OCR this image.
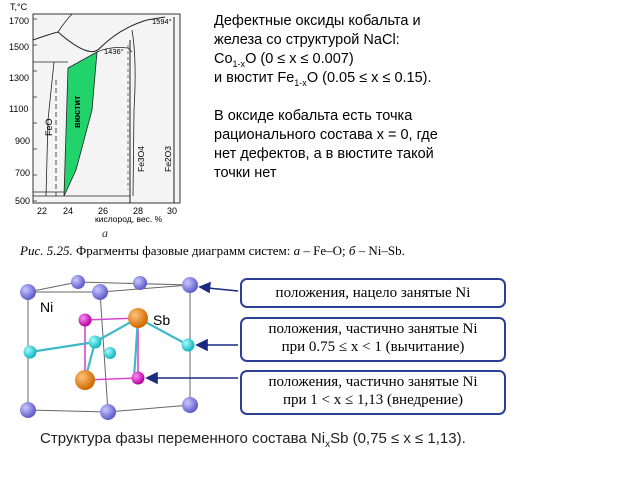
T,°C
1700
1500
1300
1100
900
700
500
22 24	26	28	30
кислород, вес. %
1594°
1436°
вюстит
FeO
Fe3O4 Fe2O3
а
Дефектные оксиды кобальта и
железа со структурой NaCl:
$Co_{1-x}O$ (0 ≤ x ≤ 0.007)
и вюстит $Fe_{1-x}O$ (0.05 ≤ x ≤ 0.15).
В оксиде кобальта есть точка
рационального состава x = 0, где
нет дефектов, а в вюстите такой
точки нет
Рис. 5.25. Фрагменты фазовые диаграмм систем: а – Fe–O; б – Ni–Sb.
Ni
Sb
положения, нацело занятые Ni
положения, частично занятые Ni
при 0.75 ≤ x < 1 (вычитание)
положения, частично занятые Ni
при 1 < x ≤ 1,13 (внедрение)
Структура фазы переменного состава $Ni_xSb$ (0,75 ≤ x ≤ 1,13).
